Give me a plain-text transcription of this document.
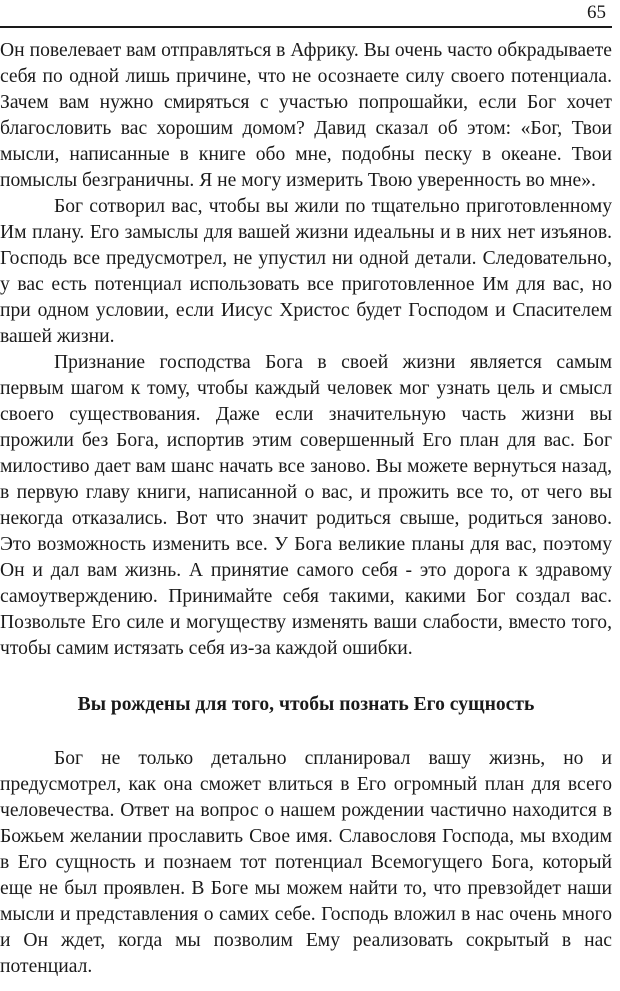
65

Он повелевает вам отправляться в Африку. Вы очень часто обкрадываете себя по одной лишь причине, что не осознаете силу своего потенциала. Зачем вам нужно смиряться с участью попрошайки, если Бог хочет благословить вас хорошим домом? Давид сказал об этом: «Бог, Твои мысли, написанные в книге обо мне, подобны песку в океане. Твои помыслы безграничны. Я не могу измерить Твою уверенность во мне».

Бог сотворил вас, чтобы вы жили по тщательно приготовленному Им плану. Его замыслы для вашей жизни идеальны и в них нет изъянов. Господь все предусмотрел, не упустил ни одной детали. Следовательно, у вас есть потенциал использовать все приготовленное Им для вас, но при одном условии, если Иисус Христос будет Господом и Спасителем вашей жизни.

Признание господства Бога в своей жизни является самым первым шагом к тому, чтобы каждый человек мог узнать цель и смысл своего существования. Даже если значительную часть жизни вы прожили без Бога, испортив этим совершенный Его план для вас. Бог милостиво дает вам шанс начать все заново. Вы можете вернуться назад, в первую главу книги, написанной о вас, и прожить все то, от чего вы некогда отказались. Вот что значит родиться свыше, родиться заново. Это возможность изменить все. У Бога великие планы для вас, поэтому Он и дал вам жизнь. А принятие самого себя - это дорога к здравому самоутверждению. Принимайте себя такими, какими Бог создал вас. Позвольте Его силе и могуществу изменять ваши слабости, вместо того, чтобы самим истязать себя из-за каждой ошибки.

Вы рождены для того, чтобы познать Его сущность

Бог не только детально спланировал вашу жизнь, но и предусмотрел, как она сможет влиться в Его огромный план для всего человечества. Ответ на вопрос о нашем рождении частично находится в Божьем желании прославить Свое имя. Славословя Господа, мы входим в Его сущность и познаем тот потенциал Всемогущего Бога, который еще не был проявлен. В Боге мы можем найти то, что превзойдет наши мысли и представления о самих себе. Господь вложил в нас очень много и Он ждет, когда мы позволим Ему реализовать сокрытый в нас потенциал.
